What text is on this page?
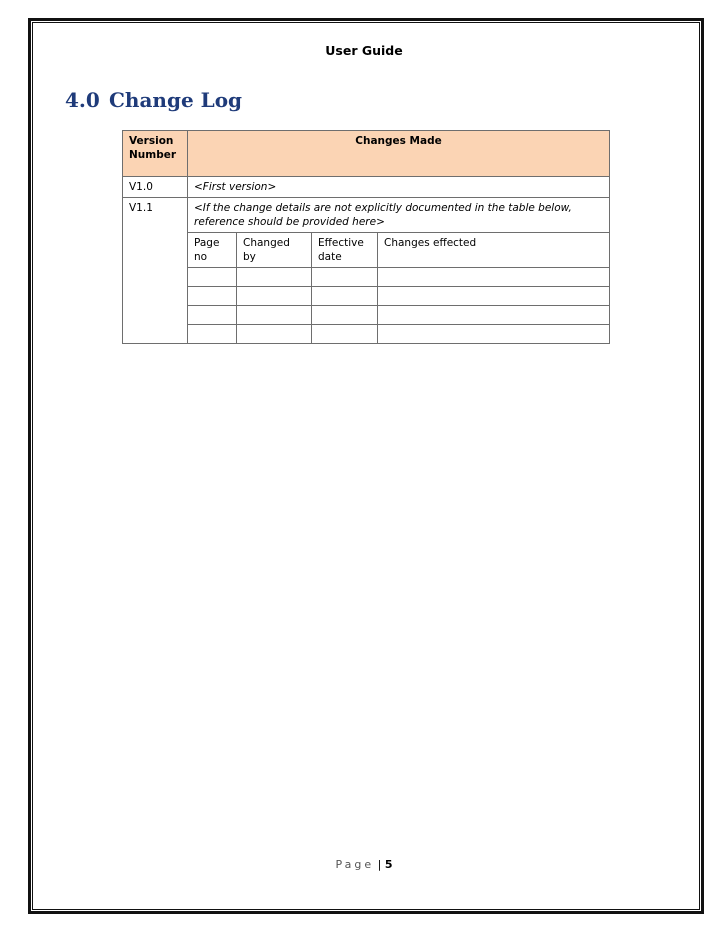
User Guide
4.0 Change Log
Version
Number	Changes Made			
V1.0	<First version>			
V1.1	<If the change details are not explicitly documented in the table below, reference should be provided here>			
	Page no	Changed by	Effective date	Changes effected

Page | 5
